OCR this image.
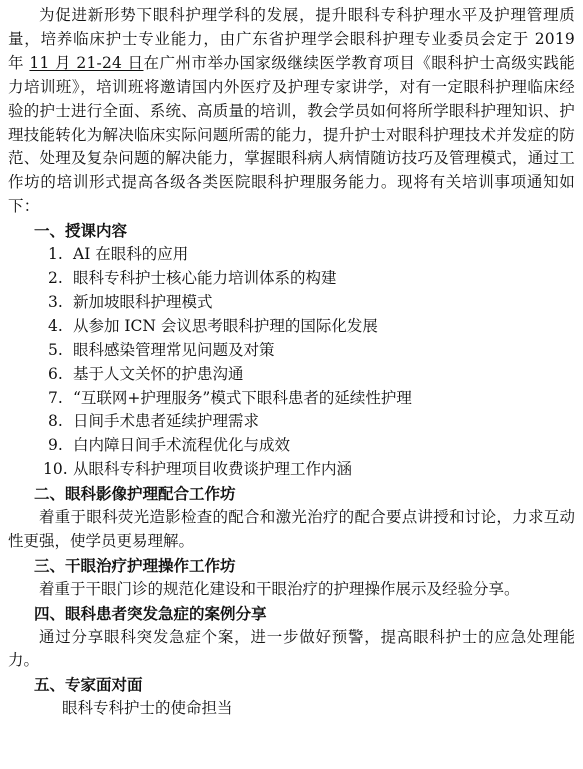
为促进新形势下眼科护理学科的发展，提升眼科专科护理水平及护理管理质量，培养临床护士专业能力，由广东省护理学会眼科护理专业委员会定于 2019 年 11 月 21-24 日在广州市举办国家级继续医学教育项目《眼科护士高级实践能力培训班》，培训班将邀请国内外医疗及护理专家讲学，对有一定眼科护理临床经验的护士进行全面、系统、高质量的培训，教会学员如何将所学眼科护理知识、护理技能转化为解决临床实际问题所需的能力，提升护士对眼科护理技术并发症的防范、处理及复杂问题的解决能力，掌握眼科病人病情随访技巧及管理模式，通过工作坊的培训形式提高各级各类医院眼科护理服务能力。现将有关培训事项通知如下：

一、授课内容

1. AI 在眼科的应用
2. 眼科专科护士核心能力培训体系的构建
3. 新加坡眼科护理模式
4. 从参加 ICN 会议思考眼科护理的国际化发展
5. 眼科感染管理常见问题及对策
6. 基于人文关怀的护患沟通
7. “互联网+护理服务”模式下眼科患者的延续性护理
8. 日间手术患者延续护理需求
9. 白内障日间手术流程优化与成效
10. 从眼科专科护理项目收费谈护理工作内涵

二、眼科影像护理配合工作坊

着重于眼科荧光造影检查的配合和激光治疗的配合要点讲授和讨论，力求互动性更强，使学员更易理解。

三、干眼治疗护理操作工作坊

着重于干眼门诊的规范化建设和干眼治疗的护理操作展示及经验分享。

四、眼科患者突发急症的案例分享

通过分享眼科突发急症个案，进一步做好预警，提高眼科护士的应急处理能力。

五、专家面对面

眼科专科护士的使命担当
